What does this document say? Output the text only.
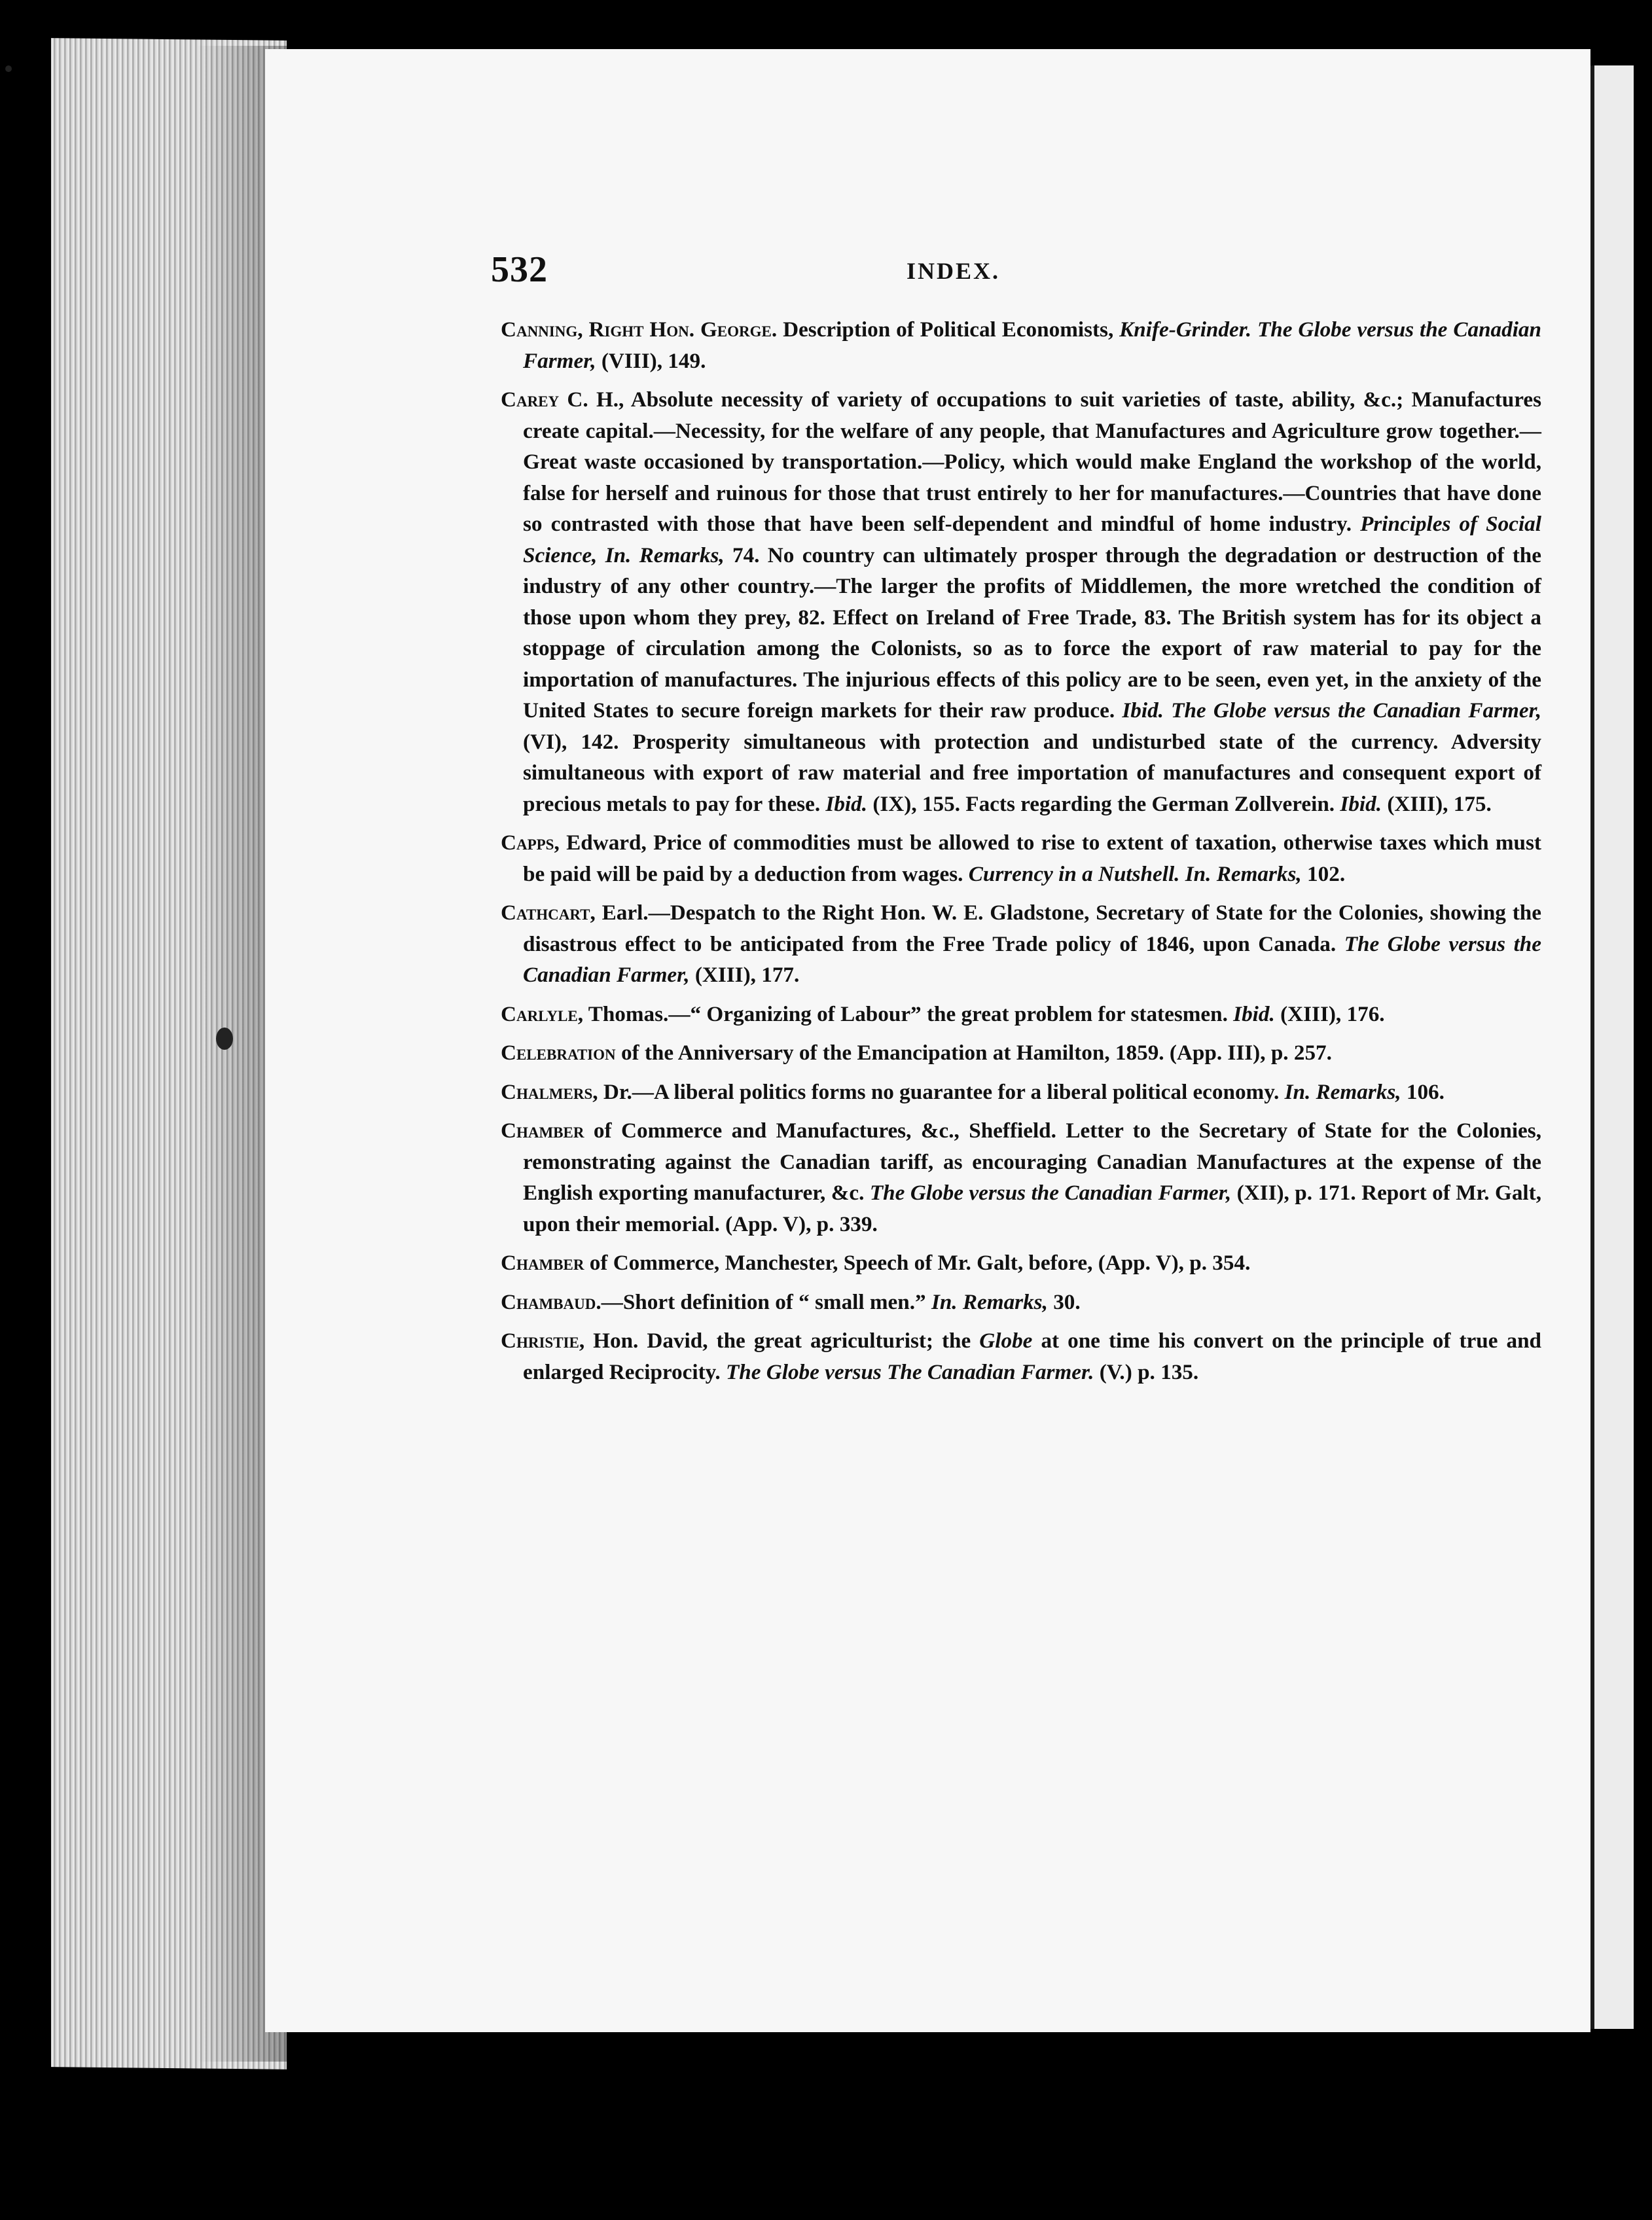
532	INDEX.

Canning, Right Hon. George. Description of Political Economists, Knife-Grinder. The Globe versus the Canadian Farmer, (VIII), 149.

Carey C. H., Absolute necessity of variety of occupations to suit varieties of taste, ability, &c.; Manufactures create capital.—Necessity, for the welfare of any people, that Manufactures and Agriculture grow together.—Great waste occasioned by transportation.—Policy, which would make England the workshop of the world, false for herself and ruinous for those that trust entirely to her for manufactures.—Countries that have done so contrasted with those that have been self-dependent and mindful of home industry. Principles of Social Science, In. Remarks, 74. No country can ultimately prosper through the degradation or destruction of the industry of any other country.—The larger the profits of Middlemen, the more wretched the condition of those upon whom they prey, 82. Effect on Ireland of Free Trade, 83. The British system has for its object a stoppage of circulation among the Colonists, so as to force the export of raw material to pay for the importation of manufactures. The injurious effects of this policy are to be seen, even yet, in the anxiety of the United States to secure foreign markets for their raw produce. Ibid. The Globe versus the Canadian Farmer, (VI), 142. Prosperity simultaneous with protection and undisturbed state of the currency. Adversity simultaneous with export of raw material and free importation of manufactures and consequent export of precious metals to pay for these. Ibid. (IX), 155. Facts regarding the German Zollverein. Ibid. (XIII), 175.

Capps, Edward, Price of commodities must be allowed to rise to extent of taxation, otherwise taxes which must be paid will be paid by a deduction from wages. Currency in a Nutshell. In. Remarks, 102.

Cathcart, Earl.—Despatch to the Right Hon. W. E. Gladstone, Secretary of State for the Colonies, showing the disastrous effect to be anticipated from the Free Trade policy of 1846, upon Canada. The Globe versus the Canadian Farmer, (XIII), 177.

Carlyle, Thomas.—“ Organizing of Labour” the great problem for statesmen. Ibid. (XIII), 176.

Celebration of the Anniversary of the Emancipation at Hamilton, 1859. (App. III), p. 257.

Chalmers, Dr.—A liberal politics forms no guarantee for a liberal political economy. In. Remarks, 106.

Chamber of Commerce and Manufactures, &c., Sheffield. Letter to the Secretary of State for the Colonies, remonstrating against the Canadian tariff, as encouraging Canadian Manufactures at the expense of the English exporting manufacturer, &c. The Globe versus the Canadian Farmer, (XII), p. 171. Report of Mr. Galt, upon their memorial. (App. V), p. 339.

Chamber of Commerce, Manchester, Speech of Mr. Galt, before, (App. V), p. 354.

Chambaud.—Short definition of “ small men.” In. Remarks, 30.

Christie, Hon. David, the great agriculturist; the Globe at one time his convert on the principle of true and enlarged Reciprocity. The Globe versus The Canadian Farmer. (V.) p. 135.
